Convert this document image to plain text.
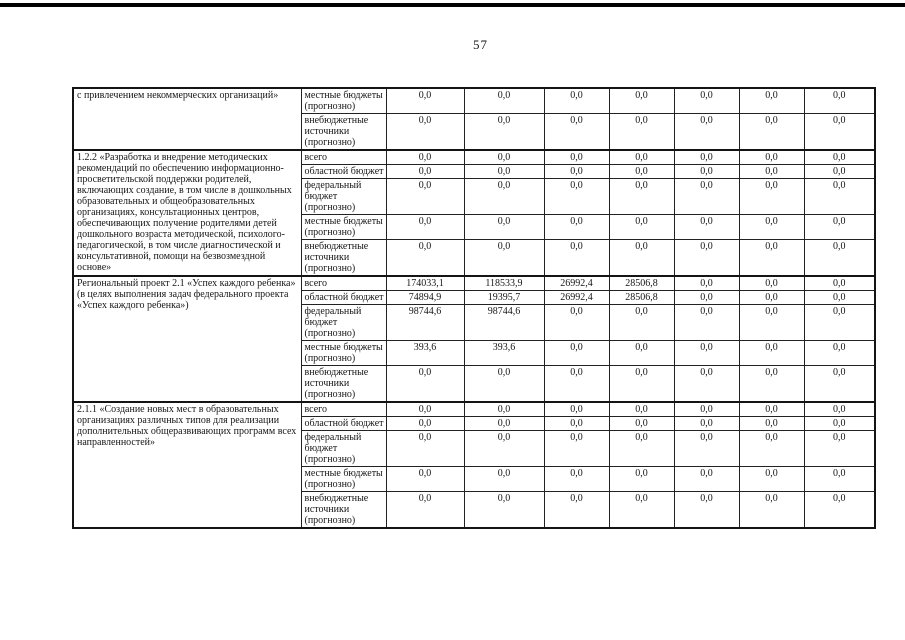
57
с привлечением некоммерческих организаций»	местные бюджеты (прогнозно)	0,0	0,0	0,0	0,0	0,0	0,0	0,0
	внебюджетные источники (прогнозно)	0,0	0,0	0,0	0,0	0,0	0,0	0,0
1.2.2 «Разработка и внедрение методических рекомендаций по обеспечению информационно-просветительской поддержки родителей, включающих создание, в том числе в дошкольных образовательных и общеобразовательных организациях, консультационных центров, обеспечивающих получение родителями детей дошкольного возраста методической, психолого-педагогической, в том числе диагностической и консультативной, помощи на безвозмездной основе»	всего	0,0	0,0	0,0	0,0	0,0	0,0	0,0
	областной бюджет	0,0	0,0	0,0	0,0	0,0	0,0	0,0
	федеральный бюджет (прогнозно)	0,0	0,0	0,0	0,0	0,0	0,0	0,0
	местные бюджеты (прогнозно)	0,0	0,0	0,0	0,0	0,0	0,0	0,0
	внебюджетные источники (прогнозно)	0,0	0,0	0,0	0,0	0,0	0,0	0,0
Региональный проект 2.1 «Успех каждого ребенка» (в целях выполнения задач федерального проекта «Успех каждого ребенка»)	всего	174033,1	118533,9	26992,4	28506,8	0,0	0,0	0,0
	областной бюджет	74894,9	19395,7	26992,4	28506,8	0,0	0,0	0,0
	федеральный бюджет (прогнозно)	98744,6	98744,6	0,0	0,0	0,0	0,0	0,0
	местные бюджеты (прогнозно)	393,6	393,6	0,0	0,0	0,0	0,0	0,0
	внебюджетные источники (прогнозно)	0,0	0,0	0,0	0,0	0,0	0,0	0,0
2.1.1 «Создание новых мест в образовательных организациях различных типов для реализации дополнительных общеразвивающих программ всех направленностей»	всего	0,0	0,0	0,0	0,0	0,0	0,0	0,0
	областной бюджет	0,0	0,0	0,0	0,0	0,0	0,0	0,0
	федеральный бюджет (прогнозно)	0,0	0,0	0,0	0,0	0,0	0,0	0,0
	местные бюджеты (прогнозно)	0,0	0,0	0,0	0,0	0,0	0,0	0,0
	внебюджетные источники (прогнозно)	0,0	0,0	0,0	0,0	0,0	0,0	0,0
